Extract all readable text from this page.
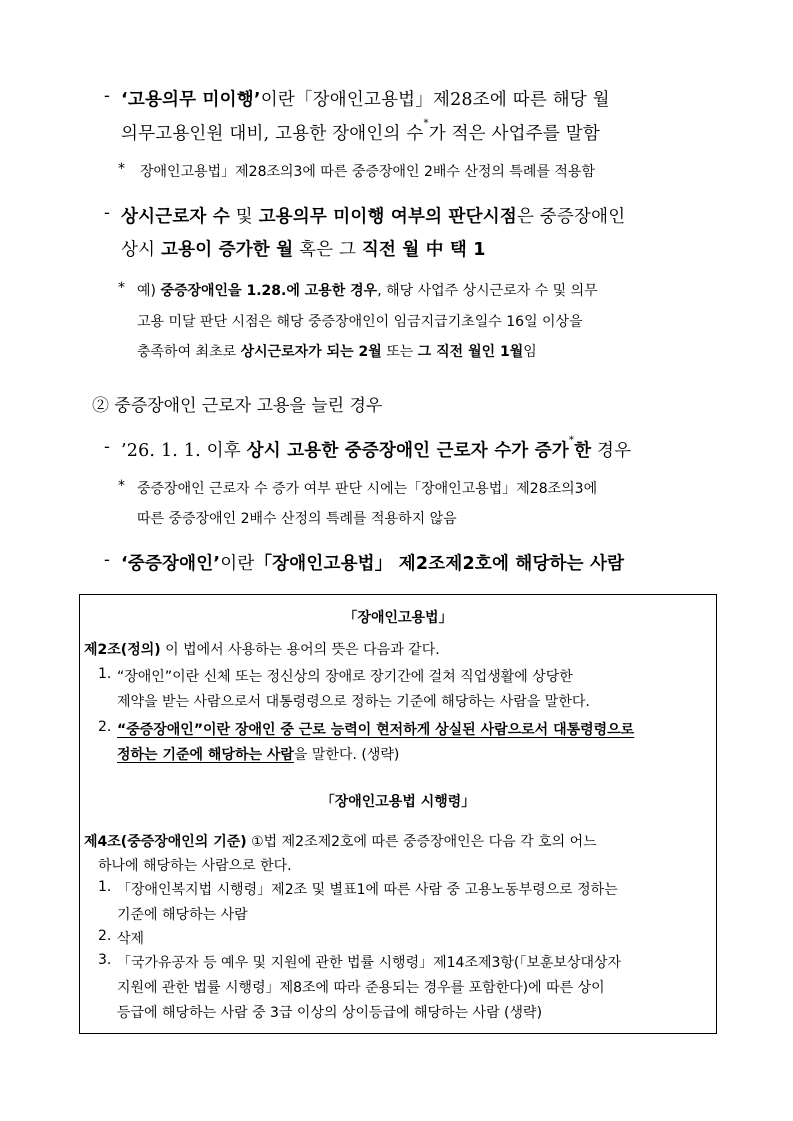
- ‘고용의무 미이행’이란「장애인고용법」제28조에 따른 해당 월
의무고용인원 대비, 고용한 장애인의 수*가 적은 사업주를 말함
* 장애인고용법」제28조의3에 따른 중증장애인 2배수 산정의 특례를 적용함
- 상시근로자 수 및 고용의무 미이행 여부의 판단시점은 중증장애인
상시 고용이 증가한 월 혹은 그 직전 월 中 택 1
* 예) 중증장애인을 1.28.에 고용한 경우, 해당 사업주 상시근로자 수 및 의무
고용 미달 판단 시점은 해당 중증장애인이 임금지급기초일수 16일 이상을
충족하여 최초로 상시근로자가 되는 2월 또는 그 직전 월인 1월임
② 중증장애인 근로자 고용을 늘린 경우
- ’26. 1. 1. 이후 상시 고용한 중증장애인 근로자 수가 증가*한 경우
* 중증장애인 근로자 수 증가 여부 판단 시에는「장애인고용법」제28조의3에
따른 중증장애인 2배수 산정의 특례를 적용하지 않음
- ‘중증장애인’이란「장애인고용법」 제2조제2호에 해당하는 사람
「장애인고용법」
제2조(정의) 이 법에서 사용하는 용어의 뜻은 다음과 같다.
1. “장애인”이란 신체 또는 정신상의 장애로 장기간에 걸쳐 직업생활에 상당한
제약을 받는 사람으로서 대통령령으로 정하는 기준에 해당하는 사람을 말한다.
2. “중증장애인”이란 장애인 중 근로 능력이 현저하게 상실된 사람으로서 대통령령으로
정하는 기준에 해당하는 사람을 말한다. (생략)
「장애인고용법 시행령」
제4조(중증장애인의 기준) ①법 제2조제2호에 따른 중증장애인은 다음 각 호의 어느
하나에 해당하는 사람으로 한다.
1. 「장애인복지법 시행령」제2조 및 별표1에 따른 사람 중 고용노동부령으로 정하는
기준에 해당하는 사람
2. 삭제
3. 「국가유공자 등 예우 및 지원에 관한 법률 시행령」제14조제3항(「보훈보상대상자
지원에 관한 법률 시행령」제8조에 따라 준용되는 경우를 포함한다)에 따른 상이
등급에 해당하는 사람 중 3급 이상의 상이등급에 해당하는 사람 (생략)
